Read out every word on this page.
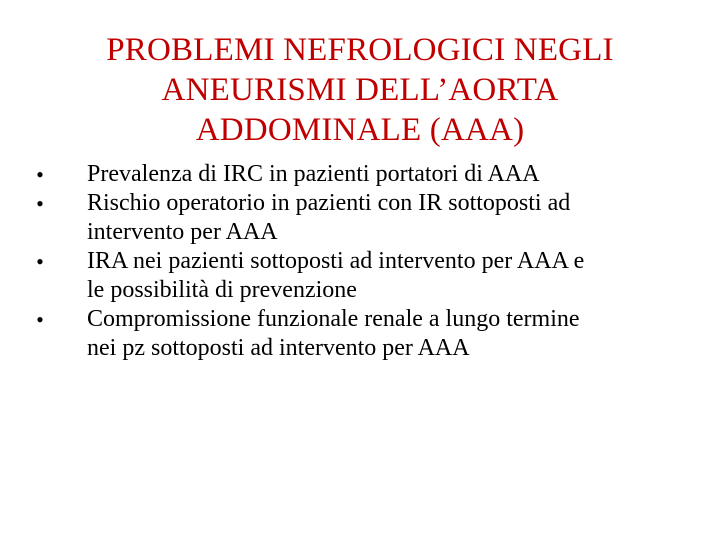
PROBLEMI NEFROLOGICI NEGLI
ANEURISMI DELL’AORTA
ADDOMINALE (AAA)
• Prevalenza di IRC in pazienti portatori di AAA
• Rischio operatorio in pazienti con IR sottoposti ad
intervento per AAA
• IRA nei pazienti sottoposti ad intervento per AAA e
le possibilità di prevenzione
• Compromissione funzionale renale a lungo termine
nei pz sottoposti ad intervento per AAA
